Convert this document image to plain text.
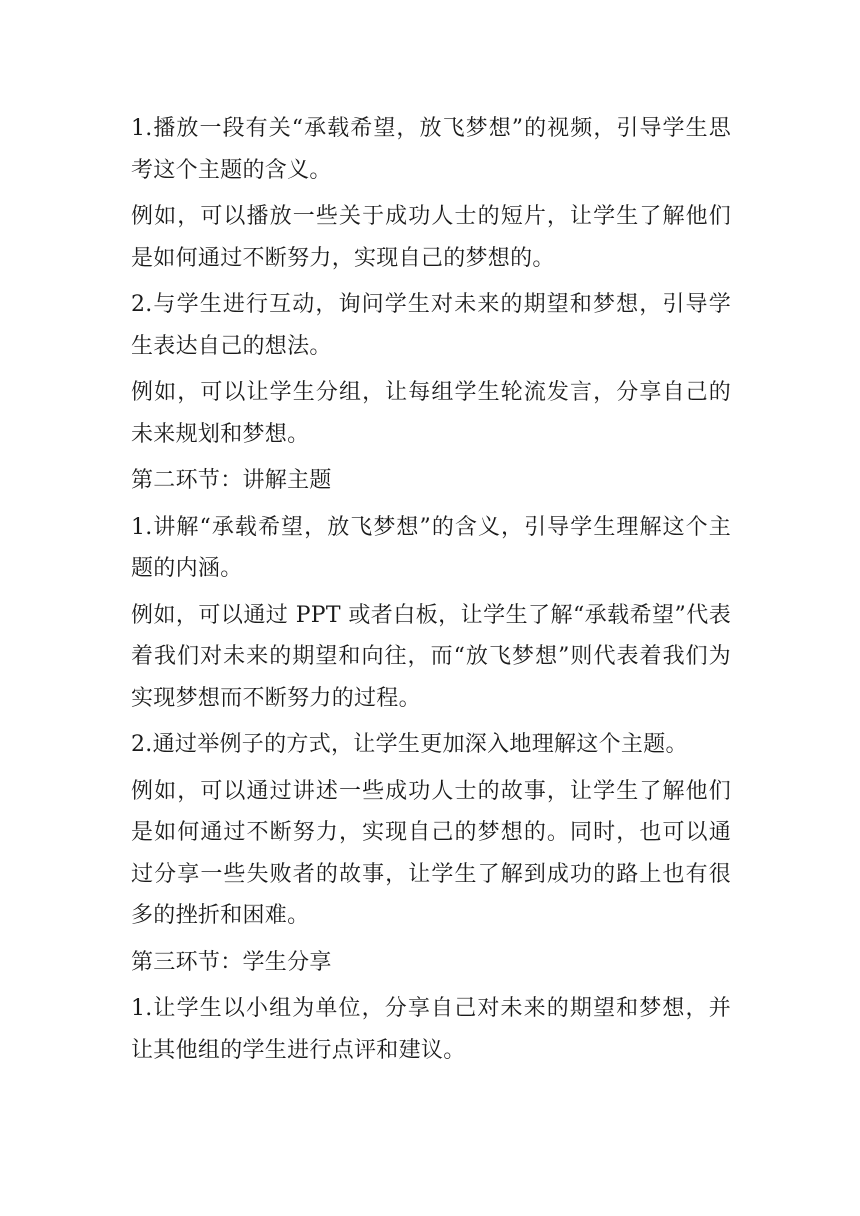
1.播放一段有关“承载希望，放飞梦想”的视频，引导学生思考这个主题的含义。

例如，可以播放一些关于成功人士的短片，让学生了解他们是如何通过不断努力，实现自己的梦想的。

2.与学生进行互动，询问学生对未来的期望和梦想，引导学生表达自己的想法。

例如，可以让学生分组，让每组学生轮流发言，分享自己的未来规划和梦想。

第二环节：讲解主题

1.讲解“承载希望，放飞梦想”的含义，引导学生理解这个主题的内涵。

例如，可以通过 PPT 或者白板，让学生了解“承载希望”代表着我们对未来的期望和向往，而“放飞梦想”则代表着我们为实现梦想而不断努力的过程。

2.通过举例子的方式，让学生更加深入地理解这个主题。

例如，可以通过讲述一些成功人士的故事，让学生了解他们是如何通过不断努力，实现自己的梦想的。同时，也可以通过分享一些失败者的故事，让学生了解到成功的路上也有很多的挫折和困难。

第三环节：学生分享

1.让学生以小组为单位，分享自己对未来的期望和梦想，并让其他组的学生进行点评和建议。
